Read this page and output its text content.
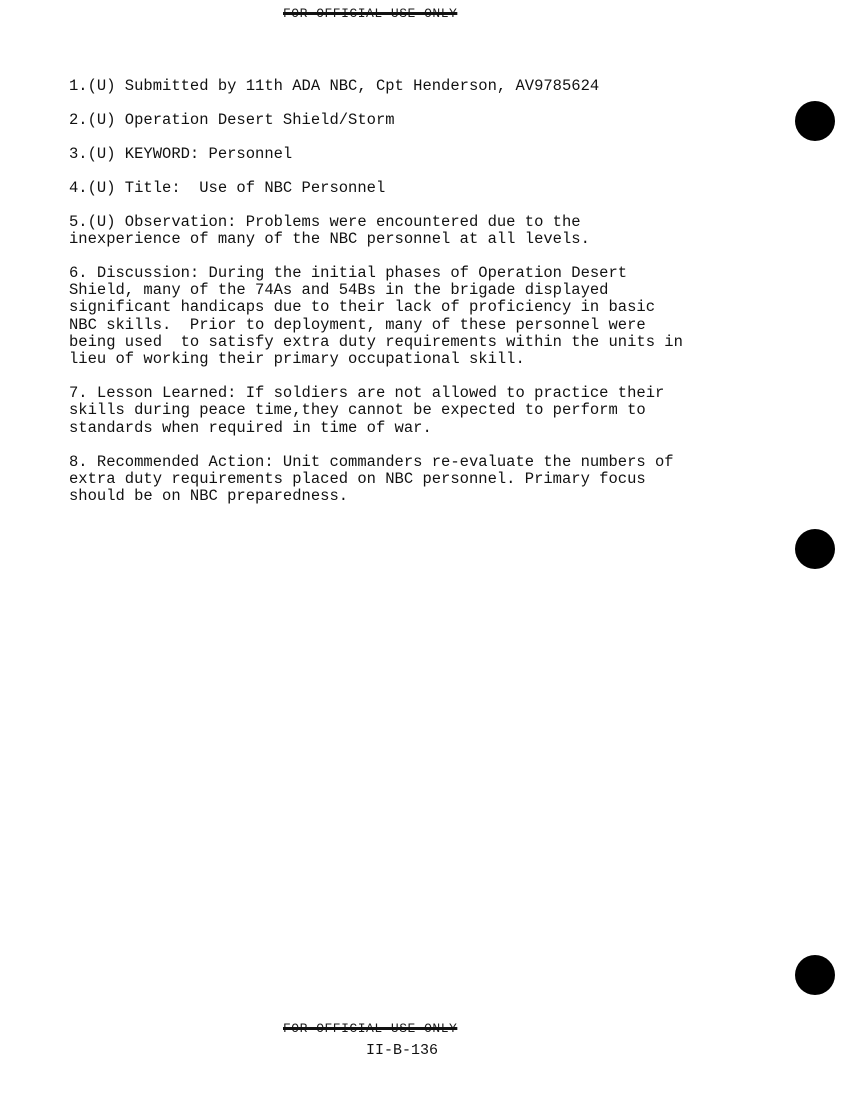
FOR OFFICIAL USE ONLY

1.(U) Submitted by 11th ADA NBC, Cpt Henderson, AV9785624

2.(U) Operation Desert Shield/Storm

3.(U) KEYWORD: Personnel

4.(U) Title:  Use of NBC Personnel

5.(U) Observation: Problems were encountered due to the
inexperience of many of the NBC personnel at all levels.

6. Discussion: During the initial phases of Operation Desert
Shield, many of the 74As and 54Bs in the brigade displayed
significant handicaps due to their lack of proficiency in basic
NBC skills.  Prior to deployment, many of these personnel were
being used  to satisfy extra duty requirements within the units in
lieu of working their primary occupational skill.

7. Lesson Learned: If soldiers are not allowed to practice their
skills during peace time,they cannot be expected to perform to
standards when required in time of war.

8. Recommended Action: Unit commanders re-evaluate the numbers of
extra duty requirements placed on NBC personnel. Primary focus
should be on NBC preparedness.

FOR OFFICIAL USE ONLY
II-B-136
